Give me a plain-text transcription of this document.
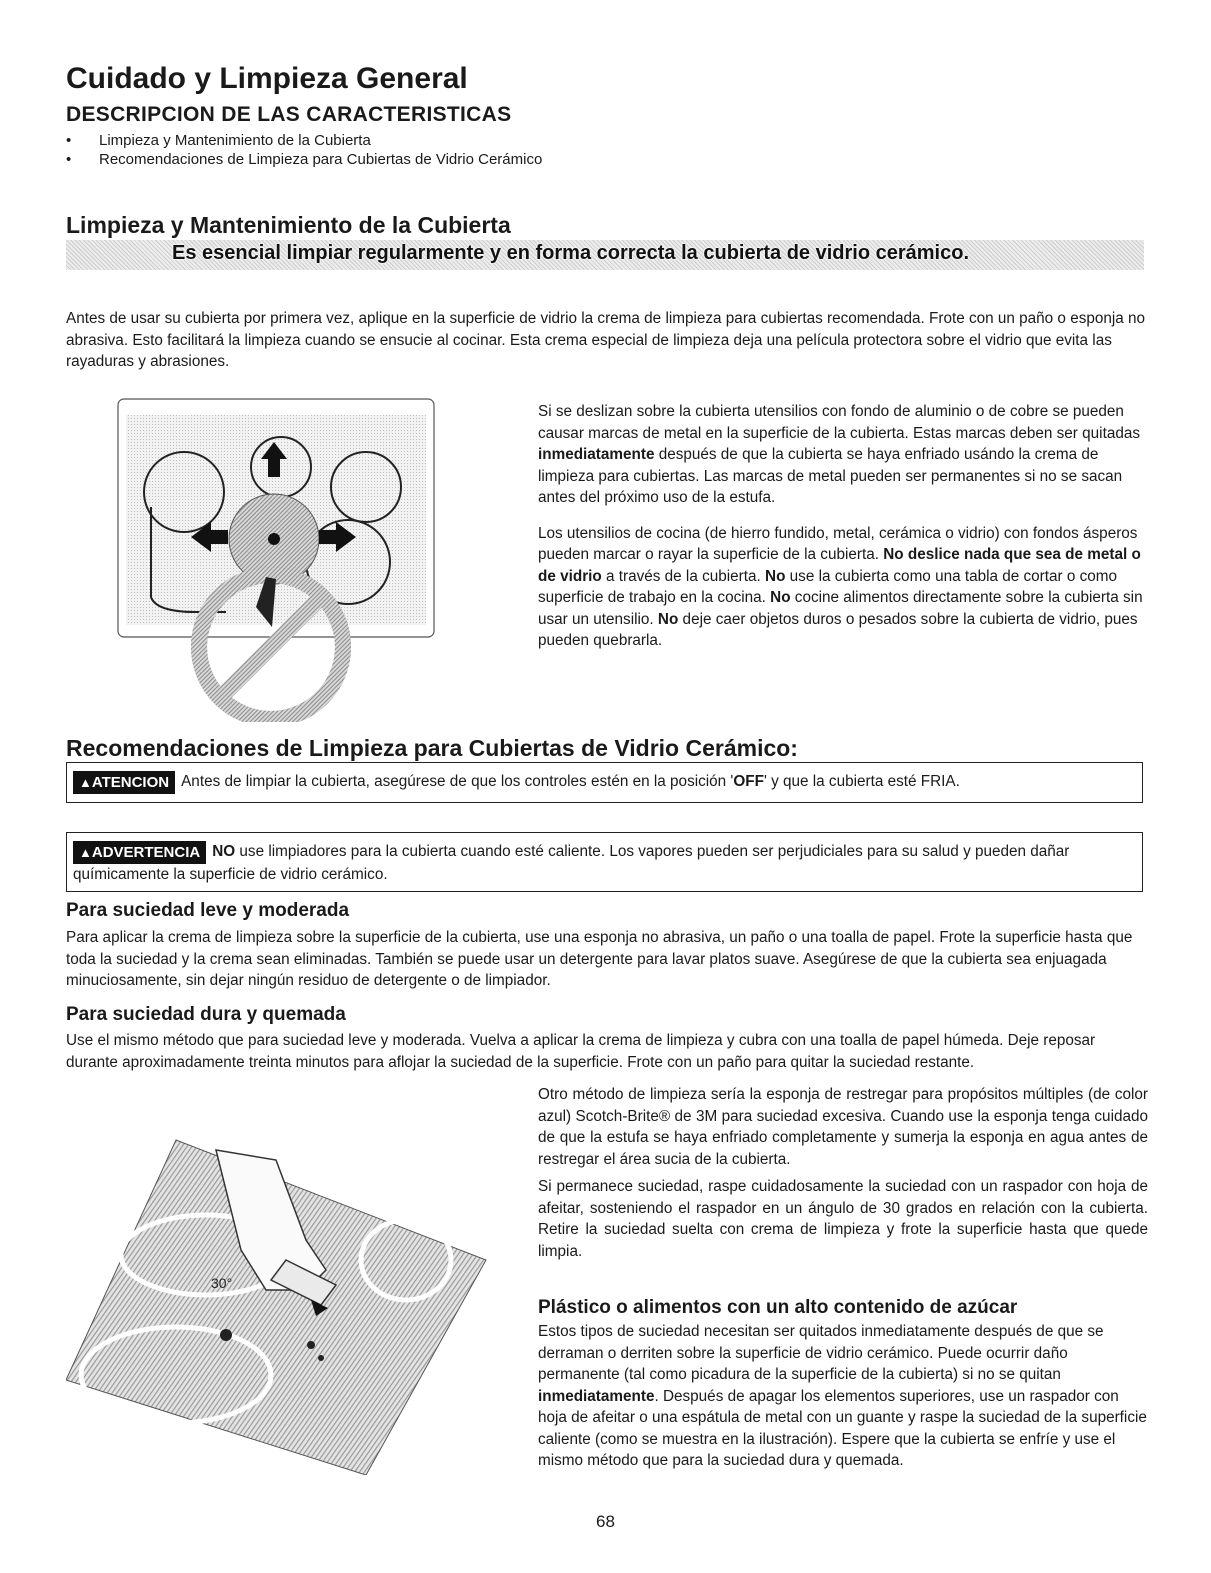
Cuidado y Limpieza General
DESCRIPCION DE LAS CARACTERISTICAS
• Limpieza y Mantenimiento de la Cubierta
• Recomendaciones de Limpieza para Cubiertas de Vidrio Cerámico
Limpieza y Mantenimiento de la Cubierta
Es esencial limpiar regularmente y en forma correcta la cubierta de vidrio cerámico.

Antes de usar su cubierta por primera vez, aplique en la superficie de vidrio la crema de limpieza para cubiertas recomendada. Frote con un paño o esponja no abrasiva. Esto facilitará la limpieza cuando se ensucie al cocinar. Esta crema especial de limpieza deja una película protectora sobre el vidrio que evita las rayaduras y abrasiones.

Si se deslizan sobre la cubierta utensilios con fondo de aluminio o de cobre se pueden causar marcas de metal en la superficie de la cubierta. Estas marcas deben ser quitadas inmediatamente después de que la cubierta se haya enfriado usándo la crema de limpieza para cubiertas. Las marcas de metal pueden ser permanentes si no se sacan antes del próximo uso de la estufa.

Los utensilios de cocina (de hierro fundido, metal, cerámica o vidrio) con fondos ásperos pueden marcar o rayar la superficie de la cubierta. No deslice nada que sea de metal o de vidrio a través de la cubierta. No use la cubierta como una tabla de cortar o como superficie de trabajo en la cocina. No cocine alimentos directamente sobre la cubierta sin usar un utensilio. No deje caer objetos duros o pesados sobre la cubierta de vidrio, pues pueden quebrarla.

Recomendaciones de Limpieza para Cubiertas de Vidrio Cerámico:
▲ATENCION Antes de limpiar la cubierta, asegúrese de que los controles estén en la posición 'OFF' y que la cubierta esté FRIA.
▲ADVERTENCIA NO use limpiadores para la cubierta cuando esté caliente. Los vapores pueden ser perjudiciales para su salud y pueden dañar químicamente la superficie de vidrio cerámico.
Para suciedad leve y moderada

Para aplicar la crema de limpieza sobre la superficie de la cubierta, use una esponja no abrasiva, un paño o una toalla de papel. Frote la superficie hasta que toda la suciedad y la crema sean eliminadas. También se puede usar un detergente para lavar platos suave. Asegúrese de que la cubierta sea enjuagada minuciosamente, sin dejar ningún residuo de detergente o de limpiador.

Para suciedad dura y quemada

Use el mismo método que para suciedad leve y moderada. Vuelva a aplicar la crema de limpieza y cubra con una toalla de papel húmeda. Deje reposar durante aproximadamente treinta minutos para aflojar la suciedad de la superficie. Frote con un paño para quitar la suciedad restante.

30°

Otro método de limpieza sería la esponja de restregar para propósitos múltiples (de color azul) Scotch-Brite® de 3M para suciedad excesiva. Cuando use la esponja tenga cuidado de que la estufa se haya enfriado completamente y sumerja la esponja en agua antes de restregar el área sucia de la cubierta.

Si permanece suciedad, raspe cuidadosamente la suciedad con un raspador con hoja de afeitar, sosteniendo el raspador en un ángulo de 30 grados en relación con la cubierta. Retire la suciedad suelta con crema de limpieza y frote la superficie hasta que quede limpia.

Plástico o alimentos con un alto contenido de azúcar

Estos tipos de suciedad necesitan ser quitados inmediatamente después de que se derraman o derriten sobre la superficie de vidrio cerámico. Puede ocurrir daño permanente (tal como picadura de la superficie de la cubierta) si no se quitan inmediatamente. Después de apagar los elementos superiores, use un raspador con hoja de afeitar o una espátula de metal con un guante y raspe la suciedad de la superficie caliente (como se muestra en la ilustración). Espere que la cubierta se enfríe y use el mismo método que para la suciedad dura y quemada.

68
